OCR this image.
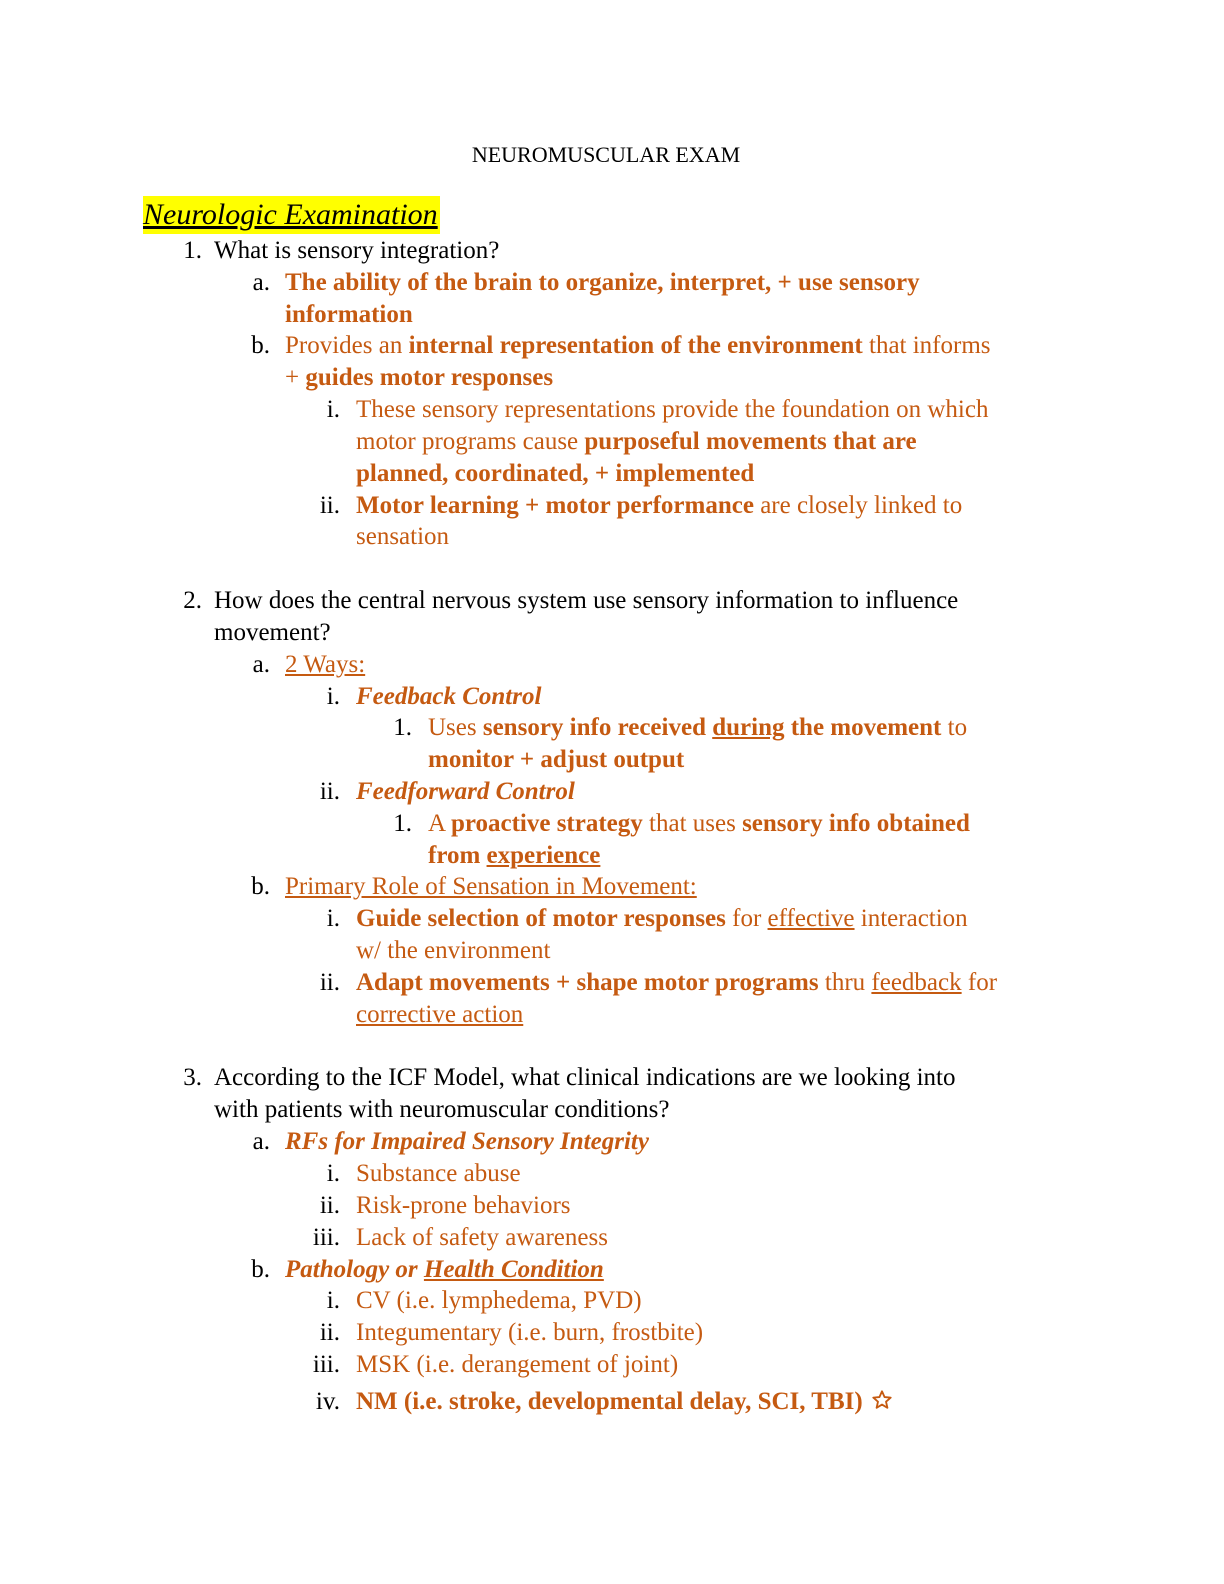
NEUROMUSCULAR EXAM
Neurologic Examination
1. What is sensory integration?
a. The ability of the brain to organize, interpret, + use sensory
information
b. Provides an internal representation of the environment that informs
+ guides motor responses
i. These sensory representations provide the foundation on which
motor programs cause purposeful movements that are
planned, coordinated, + implemented
ii. Motor learning + motor performance are closely linked to
sensation
2. How does the central nervous system use sensory information to influence
movement?
a. 2 Ways:
i. Feedback Control
1. Uses sensory info received during the movement to
monitor + adjust output
ii. Feedforward Control
1. A proactive strategy that uses sensory info obtained
from experience
b. Primary Role of Sensation in Movement:
i. Guide selection of motor responses for effective interaction
w/ the environment
ii. Adapt movements + shape motor programs thru feedback for
corrective action
3. According to the ICF Model, what clinical indications are we looking into
with patients with neuromuscular conditions?
a. RFs for Impaired Sensory Integrity
i. Substance abuse
ii. Risk-prone behaviors
iii. Lack of safety awareness
b. Pathology or Health Condition
i. CV (i.e. lymphedema, PVD)
ii. Integumentary (i.e. burn, frostbite)
iii. MSK (i.e. derangement of joint)
iv. NM (i.e. stroke, developmental delay, SCI, TBI)
